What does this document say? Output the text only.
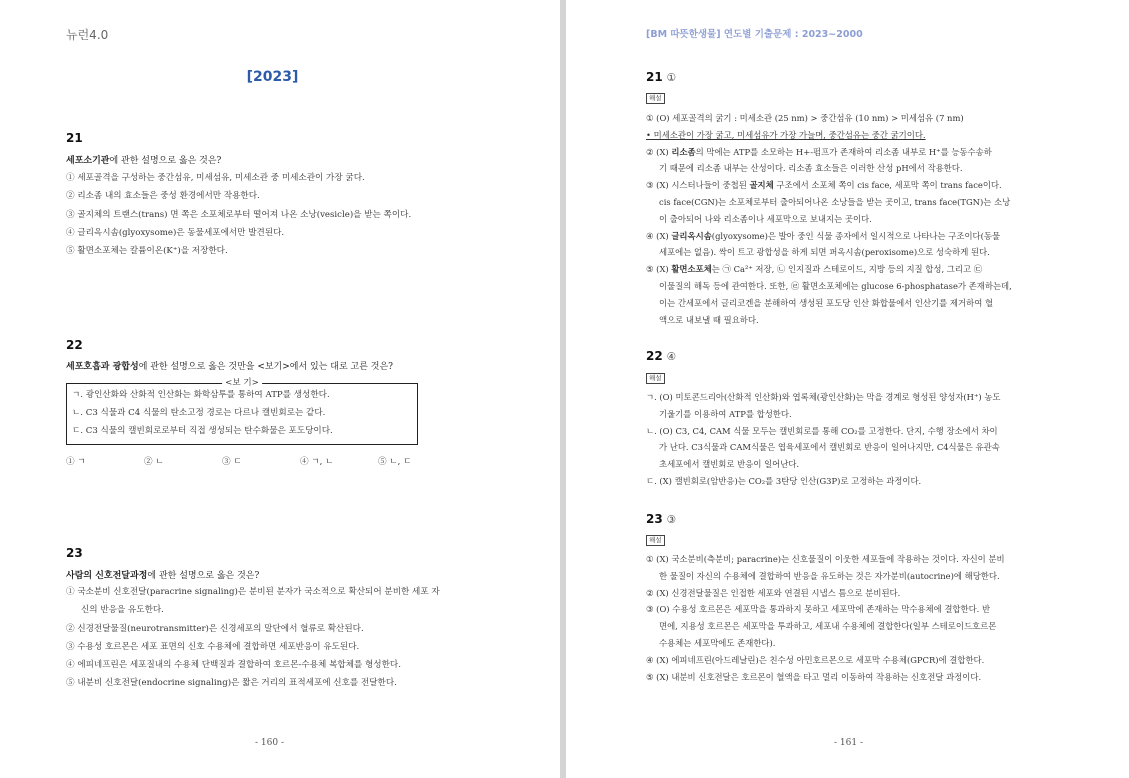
뉴런4.0
[2023]
21
세포소기관에 관한 설명으로 옳은 것은?
① 세포골격을 구성하는 중간섬유, 미세섬유, 미세소관 중 미세소관이 가장 굵다.
② 리소좀 내의 효소들은 중성 환경에서만 작용한다.
③ 골지체의 트랜스(trans) 면 쪽은 소포체로부터 떨어져 나온 소낭(vesicle)을 받는 쪽이다.
④ 글리옥시솜(glyoxysome)은 동물세포에서만 발견된다.
⑤ 활면소포체는 칼륨이온(K⁺)을 저장한다.
22
세포호흡과 광합성에 관한 설명으로 옳은 것만을 <보기>에서 있는 대로 고른 것은?
<보 기>
ㄱ. 광인산화와 산화적 인산화는 화학삼투를 통하여 ATP를 생성한다.
ㄴ. C3 식물과 C4 식물의 탄소고정 경로는 다르나 캘빈회로는 같다.
ㄷ. C3 식물의 캘빈회로로부터 직접 생성되는 탄수화물은 포도당이다.
① ㄱ	② ㄴ	③ ㄷ	④ ㄱ, ㄴ	⑤ ㄴ, ㄷ
23
사람의 신호전달과정에 관한 설명으로 옳은 것은?
① 국소분비 신호전달(paracrine signaling)은 분비된 분자가 국소적으로 확산되어 분비한 세포 자
신의 반응을 유도한다.
② 신경전달물질(neurotransmitter)은 신경세포의 말단에서 혈류로 확산된다.
③ 수용성 호르몬은 세포 표면의 신호 수용체에 결합하면 세포반응이 유도된다.
④ 에피네프린은 세포질내의 수용체 단백질과 결합하여 호르몬-수용체 복합체를 형성한다.
⑤ 내분비 신호전달(endocrine signaling)은 짧은 거리의 표적세포에 신호를 전달한다.
- 160 -
[BM 따뜻한생물] 연도별 기출문제 : 2023~2000
21 ①
해설
① (O) 세포골격의 굵기 : 미세소관 (25 nm) > 중간섬유 (10 nm) > 미세섬유 (7 nm)
• 미세소관이 가장 굵고, 미세섬유가 가장 가늘며, 중간섬유는 중간 굵기이다.
② (X) 리소좀의 막에는 ATP를 소모하는 H+-펌프가 존재하여 리소좀 내부로 H⁺를 능동수송하
기 때문에 리소좀 내부는 산성이다. 리소좀 효소들은 이러한 산성 pH에서 작용한다.
③ (X) 시스터나들이 중첩된 골지체 구조에서 소포체 쪽이 cis face, 세포막 쪽이 trans face이다.
cis face(CGN)는 소포체로부터 출아되어나온 소낭들을 받는 곳이고, trans face(TGN)는 소낭
이 출아되어 나와 리소좀이나 세포막으로 보내지는 곳이다.
④ (X) 글리옥시솜(glyoxysome)은 발아 중인 식물 종자에서 일시적으로 나타나는 구조이다(동물
세포에는 없음). 싹이 트고 광합성을 하게 되면 퍼옥시솜(peroxisome)으로 성숙하게 된다.
⑤ (X) 활면소포체는 ㉠ Ca²⁺ 저장, ㉡ 인지질과 스테로이드, 지방 등의 지질 합성, 그리고 ㉢
이물질의 해독 등에 관여한다. 또한, ㉣ 활면소포체에는 glucose 6-phosphatase가 존재하는데,
이는 간세포에서 글리코겐을 분해하여 생성된 포도당 인산 화합물에서 인산기를 제거하여 혈
액으로 내보낼 때 필요하다.
22 ④
해설
ㄱ. (O) 미토콘드리아(산화적 인산화)와 엽록체(광인산화)는 막을 경계로 형성된 양성자(H⁺) 농도
기울기를 이용하여 ATP를 합성한다.
ㄴ. (O) C3, C4, CAM 식물 모두는 캘빈회로를 통해 CO₂를 고정한다. 단지, 수행 장소에서 차이
가 난다. C3식물과 CAM식물은 엽육세포에서 캘빈회로 반응이 일어나지만, C4식물은 유관속
초세포에서 캘빈회로 반응이 일어난다.
ㄷ. (X) 캘빈회로(암반응)는 CO₂를 3탄당 인산(G3P)로 고정하는 과정이다.
23 ③
해설
① (X) 국소분비(측분비; paracrine)는 신호물질이 이웃한 세포들에 작용하는 것이다. 자신이 분비
한 물질이 자신의 수용체에 결합하여 반응을 유도하는 것은 자가분비(autocrine)에 해당한다.
② (X) 신경전달물질은 인접한 세포와 연결된 시냅스 틈으로 분비된다.
③ (O) 수용성 호르몬은 세포막을 통과하지 못하고 세포막에 존재하는 막수용체에 결합한다. 반
면에, 지용성 호르몬은 세포막을 투과하고, 세포내 수용체에 결합한다(일부 스테로이드호르몬
수용체는 세포막에도 존재한다).
④ (X) 에피네프린(아드레날린)은 친수성 아민호르몬으로 세포막 수용체(GPCR)에 결합한다.
⑤ (X) 내분비 신호전달은 호르몬이 혈액을 타고 멀리 이동하여 작용하는 신호전달 과정이다.
- 161 -
